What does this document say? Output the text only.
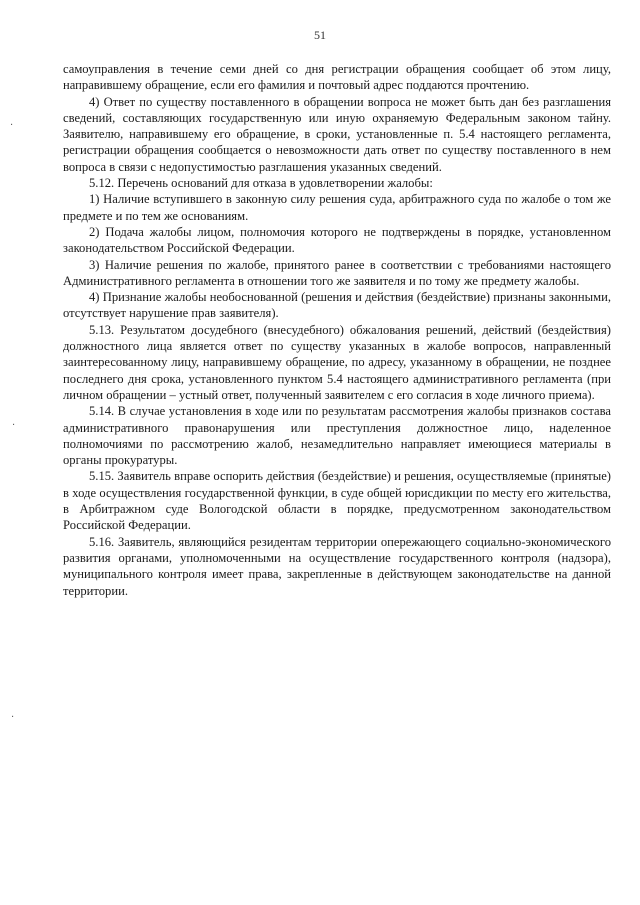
51

самоуправления в течение семи дней со дня регистрации обращения сообщает об этом лицу, направившему обращение, если его фамилия и почтовый адрес поддаются прочтению.

4) Ответ по существу поставленного в обращении вопроса не может быть дан без разглашения сведений, составляющих государственную или иную охраняемую Федеральным законом тайну. Заявителю, направившему его обращение, в сроки, установленные п. 5.4 настоящего регламента, регистрации обращения сообщается о невозможности дать ответ по существу поставленного в нем вопроса в связи с недопустимостью разглашения указанных сведений.

5.12. Перечень оснований для отказа в удовлетворении жалобы:

1) Наличие вступившего в законную силу решения суда, арбитражного суда по жалобе о том же предмете и по тем же основаниям.

2) Подача жалобы лицом, полномочия которого не подтверждены в порядке, установленном законодательством Российской Федерации.

3) Наличие решения по жалобе, принятого ранее в соответствии с требованиями настоящего Административного регламента в отношении того же заявителя и по тому же предмету жалобы.

4) Признание жалобы необоснованной (решения и действия (бездействие) признаны законными, отсутствует нарушение прав заявителя).

5.13. Результатом досудебного (внесудебного) обжалования решений, действий (бездействия) должностного лица является ответ по существу указанных в жалобе вопросов, направленный заинтересованному лицу, направившему обращение, по адресу, указанному в обращении, не позднее последнего дня срока, установленного пунктом 5.4 настоящего административного регламента (при личном обращении – устный ответ, полученный заявителем с его согласия в ходе личного приема).

5.14. В случае установления в ходе или по результатам рассмотрения жалобы признаков состава административного правонарушения или преступления должностное лицо, наделенное полномочиями по рассмотрению жалоб, незамедлительно направляет имеющиеся материалы в органы прокуратуры.

5.15. Заявитель вправе оспорить действия (бездействие) и решения, осуществляемые (принятые) в ходе осуществления государственной функции, в суде общей юрисдикции по месту его жительства, в Арбитражном суде Вологодской области в порядке, предусмотренном законодательством Российской Федерации.

5.16. Заявитель, являющийся резидентам территории опережающего социально-экономического развития органами, уполномоченными на осуществление государственного контроля (надзора), муниципального контроля имеет права, закрепленные в действующем законодательстве на данной территории.

·
·
·
